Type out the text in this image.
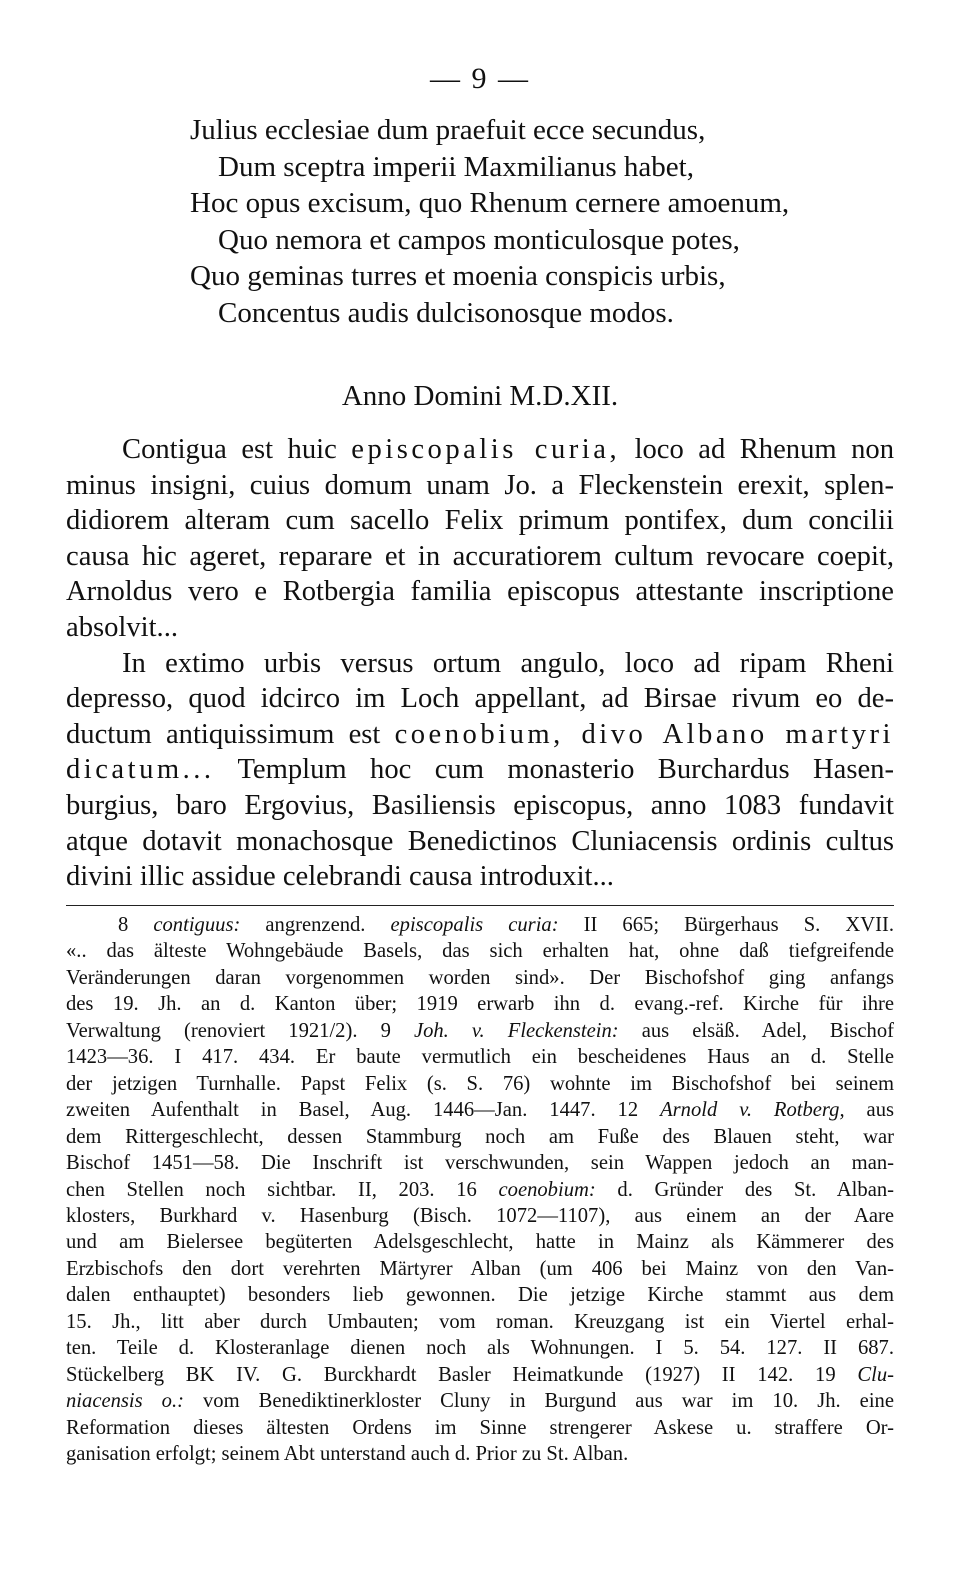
— 9 —
Julius ecclesiae dum praefuit ecce secundus,
Dum sceptra imperii Maxmilianus habet,
Hoc opus excisum, quo Rhenum cernere amoenum,
Quo nemora et campos monticulosque potes,
Quo geminas turres et moenia conspicis urbis,
Concentus audis dulcisonosque modos.
Anno Domini M.D.XII.
Contigua est huic episcopalis curia, loco ad Rhenum non
minus insigni, cuius domum unam Jo. a Fleckenstein erexit, splen-
didiorem alteram cum sacello Felix primum pontifex, dum concilii
causa hic ageret, reparare et in accuratiorem cultum revocare coepit,
Arnoldus vero e Rotbergia familia episcopus attestante inscriptione
absolvit...
In extimo urbis versus ortum angulo, loco ad ripam Rheni
depresso, quod idcirco im Loch appellant, ad Birsae rivum eo de-
ductum antiquissimum est coenobium, divo Albano martyri
dicatum... Templum hoc cum monasterio Burchardus Hasen-
burgius, baro Ergovius, Basiliensis episcopus, anno 1083 fundavit
atque dotavit monachosque Benedictinos Cluniacensis ordinis cultus
divini illic assidue celebrandi causa introduxit...
8 contiguus: angrenzend. episcopalis curia: II 665; Bürgerhaus S. XVII.
«.. das älteste Wohngebäude Basels, das sich erhalten hat, ohne daß tiefgreifende
Veränderungen daran vorgenommen worden sind». Der Bischofshof ging anfangs
des 19. Jh. an d. Kanton über; 1919 erwarb ihn d. evang.-ref. Kirche für ihre
Verwaltung (renoviert 1921/2). 9 Joh. v. Fleckenstein: aus elsäß. Adel, Bischof
1423—36. I 417. 434. Er baute vermutlich ein bescheidenes Haus an d. Stelle
der jetzigen Turnhalle. Papst Felix (s. S. 76) wohnte im Bischofshof bei seinem
zweiten Aufenthalt in Basel, Aug. 1446—Jan. 1447. 12 Arnold v. Rotberg, aus
dem Rittergeschlecht, dessen Stammburg noch am Fuße des Blauen steht, war
Bischof 1451—58. Die Inschrift ist verschwunden, sein Wappen jedoch an man-
chen Stellen noch sichtbar. II, 203. 16 coenobium: d. Gründer des St. Alban-
klosters, Burkhard v. Hasenburg (Bisch. 1072—1107), aus einem an der Aare
und am Bielersee begüterten Adelsgeschlecht, hatte in Mainz als Kämmerer des
Erzbischofs den dort verehrten Märtyrer Alban (um 406 bei Mainz von den Van-
dalen enthauptet) besonders lieb gewonnen. Die jetzige Kirche stammt aus dem
15. Jh., litt aber durch Umbauten; vom roman. Kreuzgang ist ein Viertel erhal-
ten. Teile d. Klosteranlage dienen noch als Wohnungen. I 5. 54. 127. II 687.
Stückelberg BK IV. G. Burckhardt Basler Heimatkunde (1927) II 142. 19 Clu-
niacensis o.: vom Benediktinerkloster Cluny in Burgund aus war im 10. Jh. eine
Reformation dieses ältesten Ordens im Sinne strengerer Askese u. straffere Or-
ganisation erfolgt; seinem Abt unterstand auch d. Prior zu St. Alban.
